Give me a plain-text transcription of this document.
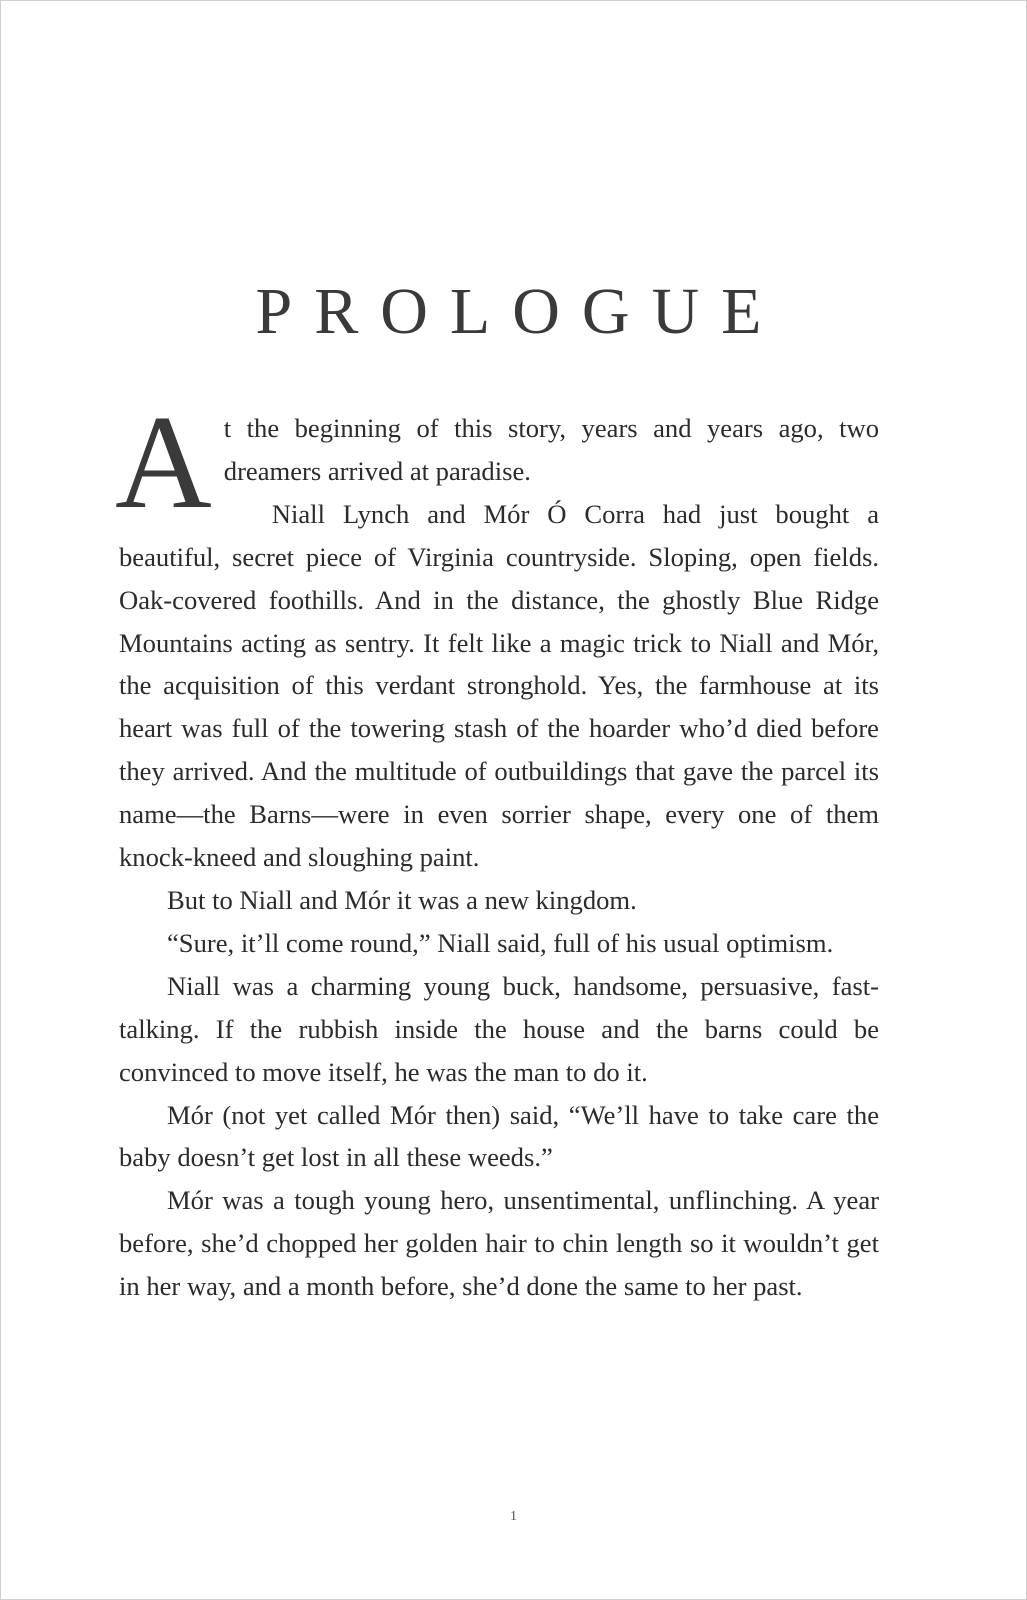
PROLOGUE

At the beginning of this story, years and years ago, two dreamers arrived at paradise.

Niall Lynch and Mór Ó Corra had just bought a beautiful, secret piece of Virginia countryside. Sloping, open fields. Oak-covered foothills. And in the distance, the ghostly Blue Ridge Mountains acting as sentry. It felt like a magic trick to Niall and Mór, the acquisition of this verdant stronghold. Yes, the farmhouse at its heart was full of the towering stash of the hoarder who’d died before they arrived. And the multitude of outbuildings that gave the parcel its name—the Barns—were in even sorrier shape, every one of them knock-kneed and sloughing paint.

But to Niall and Mór it was a new kingdom.

“Sure, it’ll come round,” Niall said, full of his usual optimism.

Niall was a charming young buck, handsome, persuasive, fast-talking. If the rubbish inside the house and the barns could be convinced to move itself, he was the man to do it.

Mór (not yet called Mór then) said, “We’ll have to take care the baby doesn’t get lost in all these weeds.”

Mór was a tough young hero, unsentimental, unflinching. A year before, she’d chopped her golden hair to chin length so it wouldn’t get in her way, and a month before, she’d done the same to her past.

1
